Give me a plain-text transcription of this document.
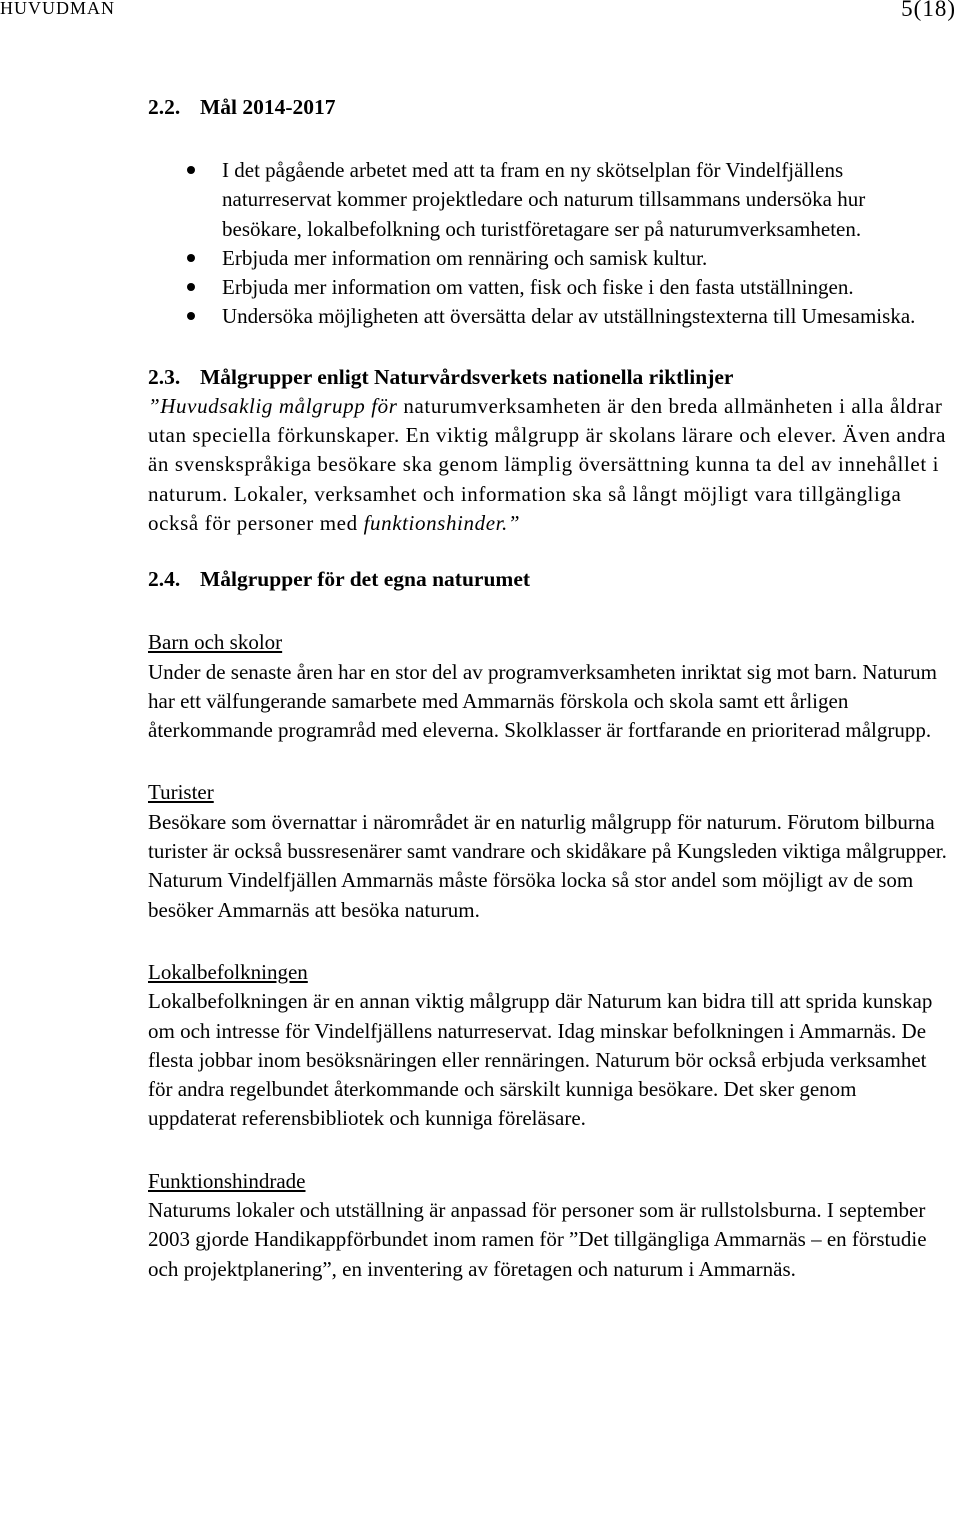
HUVUDMAN	5(18)
2.2. Mål 2014-2017
I det pågående arbetet med att ta fram en ny skötselplan för Vindelfjällens naturreservat kommer projektledare och naturum tillsammans undersöka hur besökare, lokalbefolkning och turistföretagare ser på naturumverksamheten.
Erbjuda mer information om rennäring och samisk kultur.
Erbjuda mer information om vatten, fisk och fiske i den fasta utställningen.
Undersöka möjligheten att översätta delar av utställningstexterna till Umesamiska.
2.3. Målgrupper enligt Naturvårdsverkets nationella riktlinjer

”Huvudsaklig målgrupp för naturumverksamheten är den breda allmänheten i alla åldrar utan speciella förkunskaper. En viktig målgrupp är skolans lärare och elever. Även andra än svenskspråkiga besökare ska genom lämplig översättning kunna ta del av innehållet i naturum. Lokaler, verksamhet och information ska så långt möjligt vara tillgängliga också för personer med funktionshinder.”

2.4. Målgrupper för det egna naturumet
Barn och skolor

Under de senaste åren har en stor del av programverksamheten inriktat sig mot barn. Naturum har ett välfungerande samarbete med Ammarnäs förskola och skola samt ett årligen återkommande programråd med eleverna. Skolklasser är fortfarande en prioriterad målgrupp.

Turister

Besökare som övernattar i närområdet är en naturlig målgrupp för naturum. Förutom bilburna turister är också bussresenärer samt vandrare och skidåkare på Kungsleden viktiga målgrupper. Naturum Vindelfjällen Ammarnäs måste försöka locka så stor andel som möjligt av de som besöker Ammarnäs att besöka naturum.

Lokalbefolkningen

Lokalbefolkningen är en annan viktig målgrupp där Naturum kan bidra till att sprida kunskap om och intresse för Vindelfjällens naturreservat. Idag minskar befolkningen i Ammarnäs. De flesta jobbar inom besöksnäringen eller rennäringen. Naturum bör också erbjuda verksamhet för andra regelbundet återkommande och särskilt kunniga besökare. Det sker genom uppdaterat referensbibliotek och kunniga föreläsare.

Funktionshindrade

Naturums lokaler och utställning är anpassad för personer som är rullstolsburna. I september 2003 gjorde Handikappförbundet inom ramen för ”Det tillgängliga Ammarnäs – en förstudie och projektplanering”, en inventering av företagen och naturum i Ammarnäs.
